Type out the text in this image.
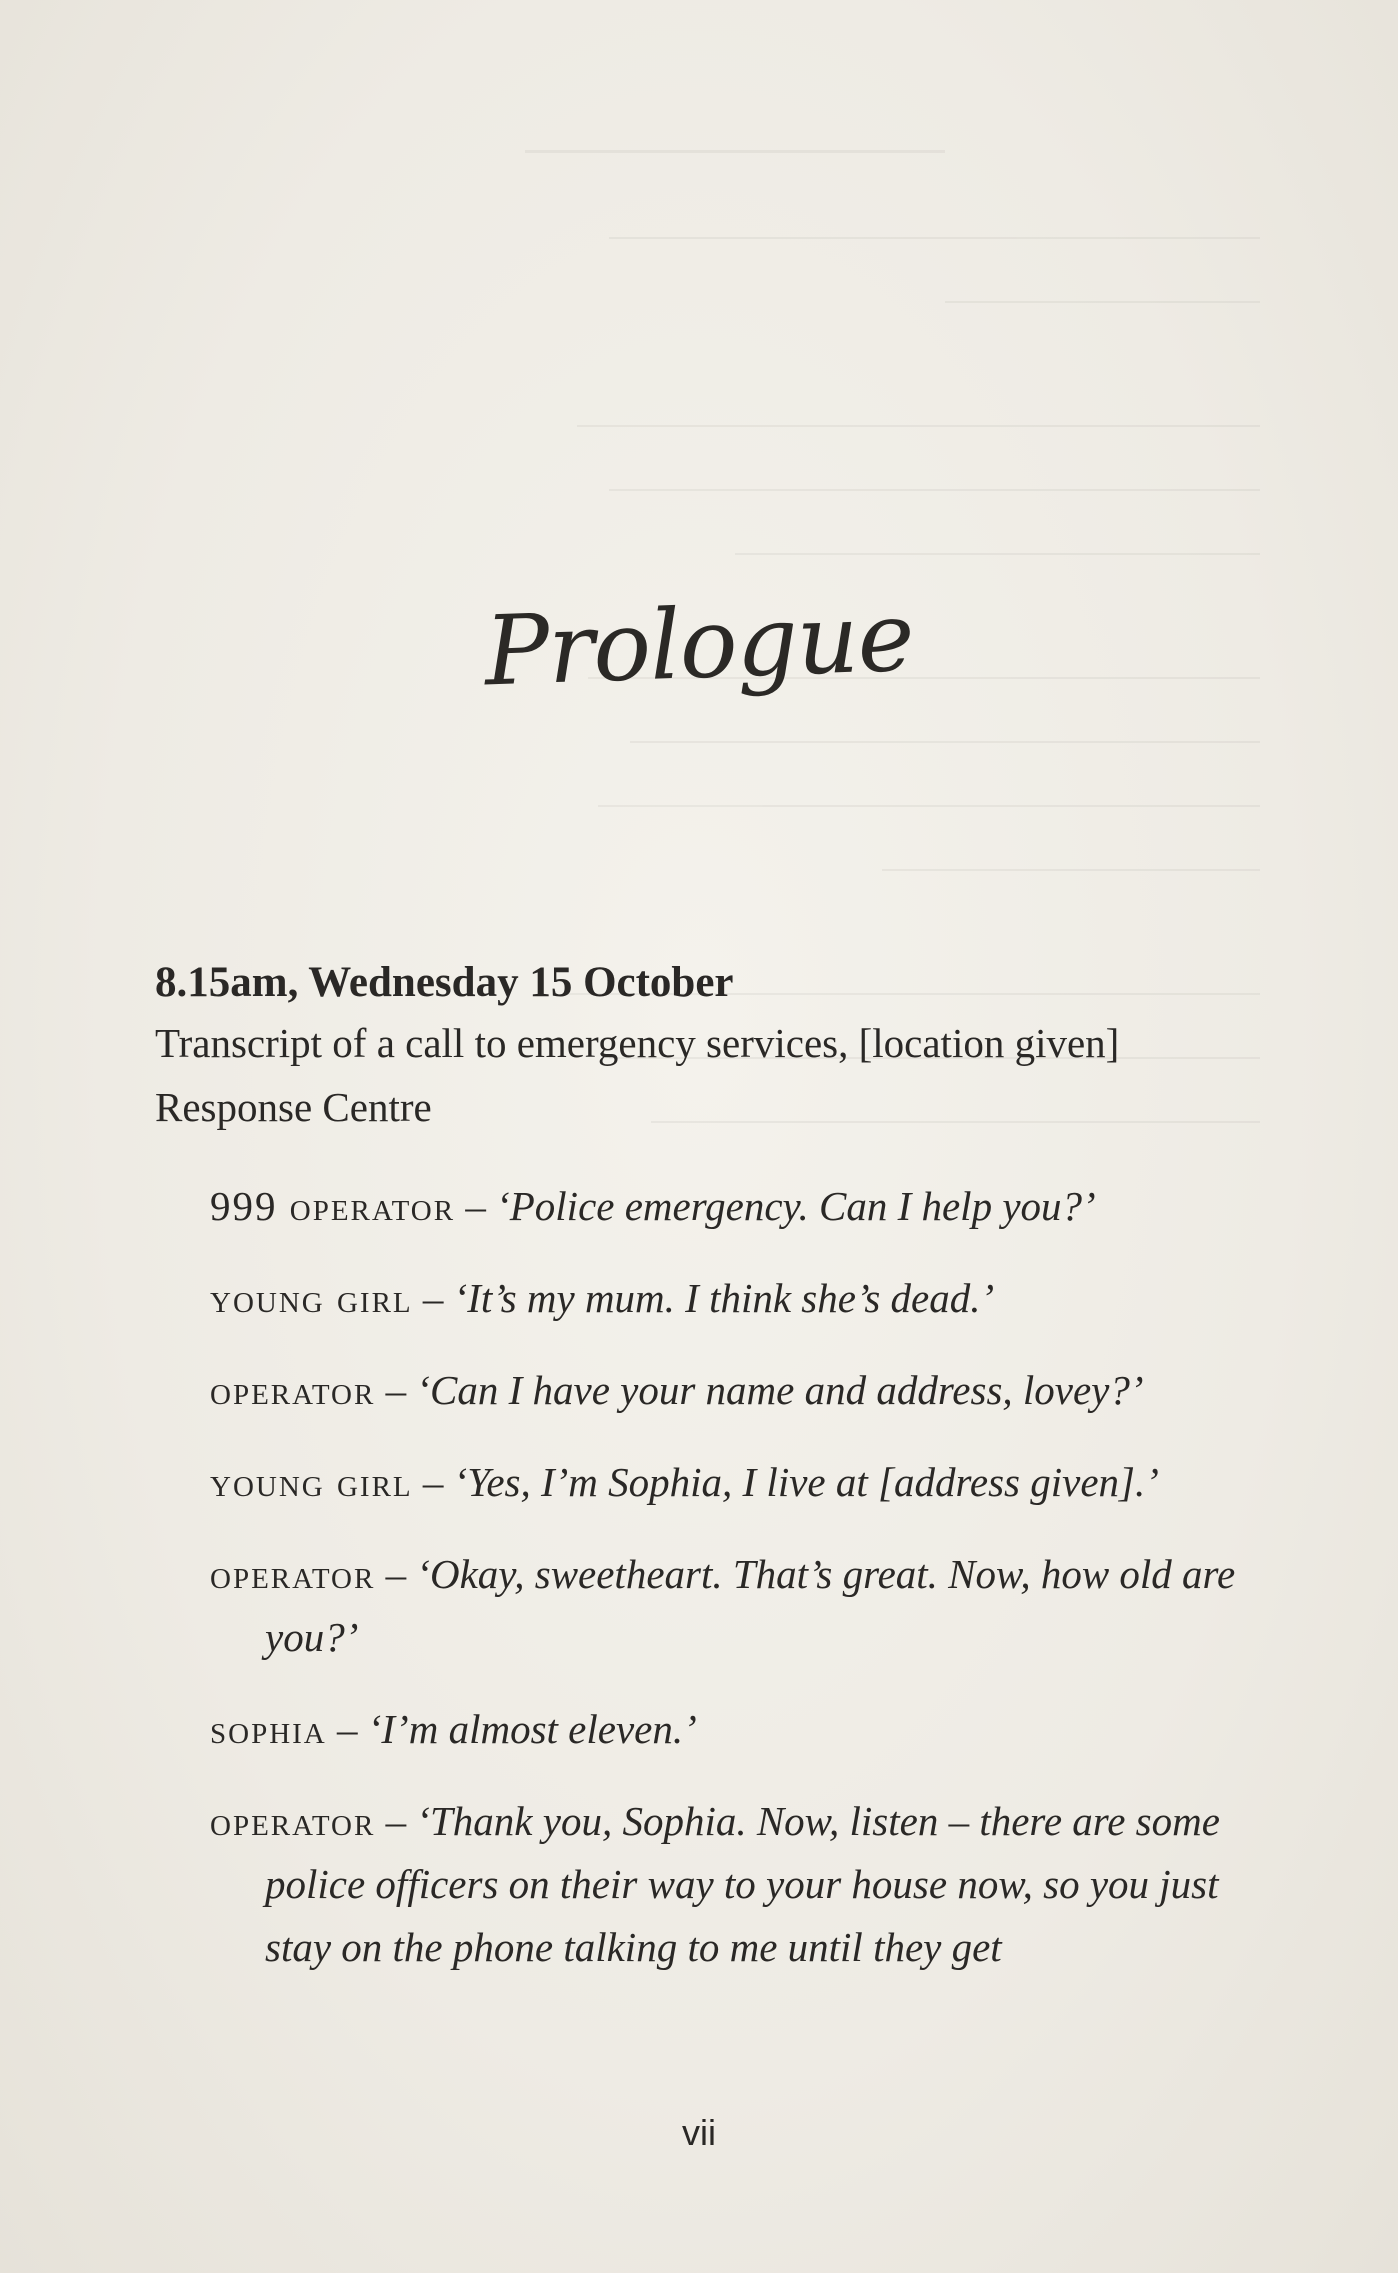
Prologue
8.15am, Wednesday 15 October
Transcript of a call to emergency services, [location given] Response Centre
999 operator – ‘Police emergency. Can I help you?’
young girl – ‘It’s my mum. I think she’s dead.’
operator – ‘Can I have your name and address, lovey?’
young girl – ‘Yes, I’m Sophia, I live at [address given].’
operator – ‘Okay, sweetheart. That’s great. Now, how old are you?’
sophia – ‘I’m almost eleven.’
operator – ‘Thank you, Sophia. Now, listen – there are some police officers on their way to your house now, so you just stay on the phone talking to me until they get
vii
